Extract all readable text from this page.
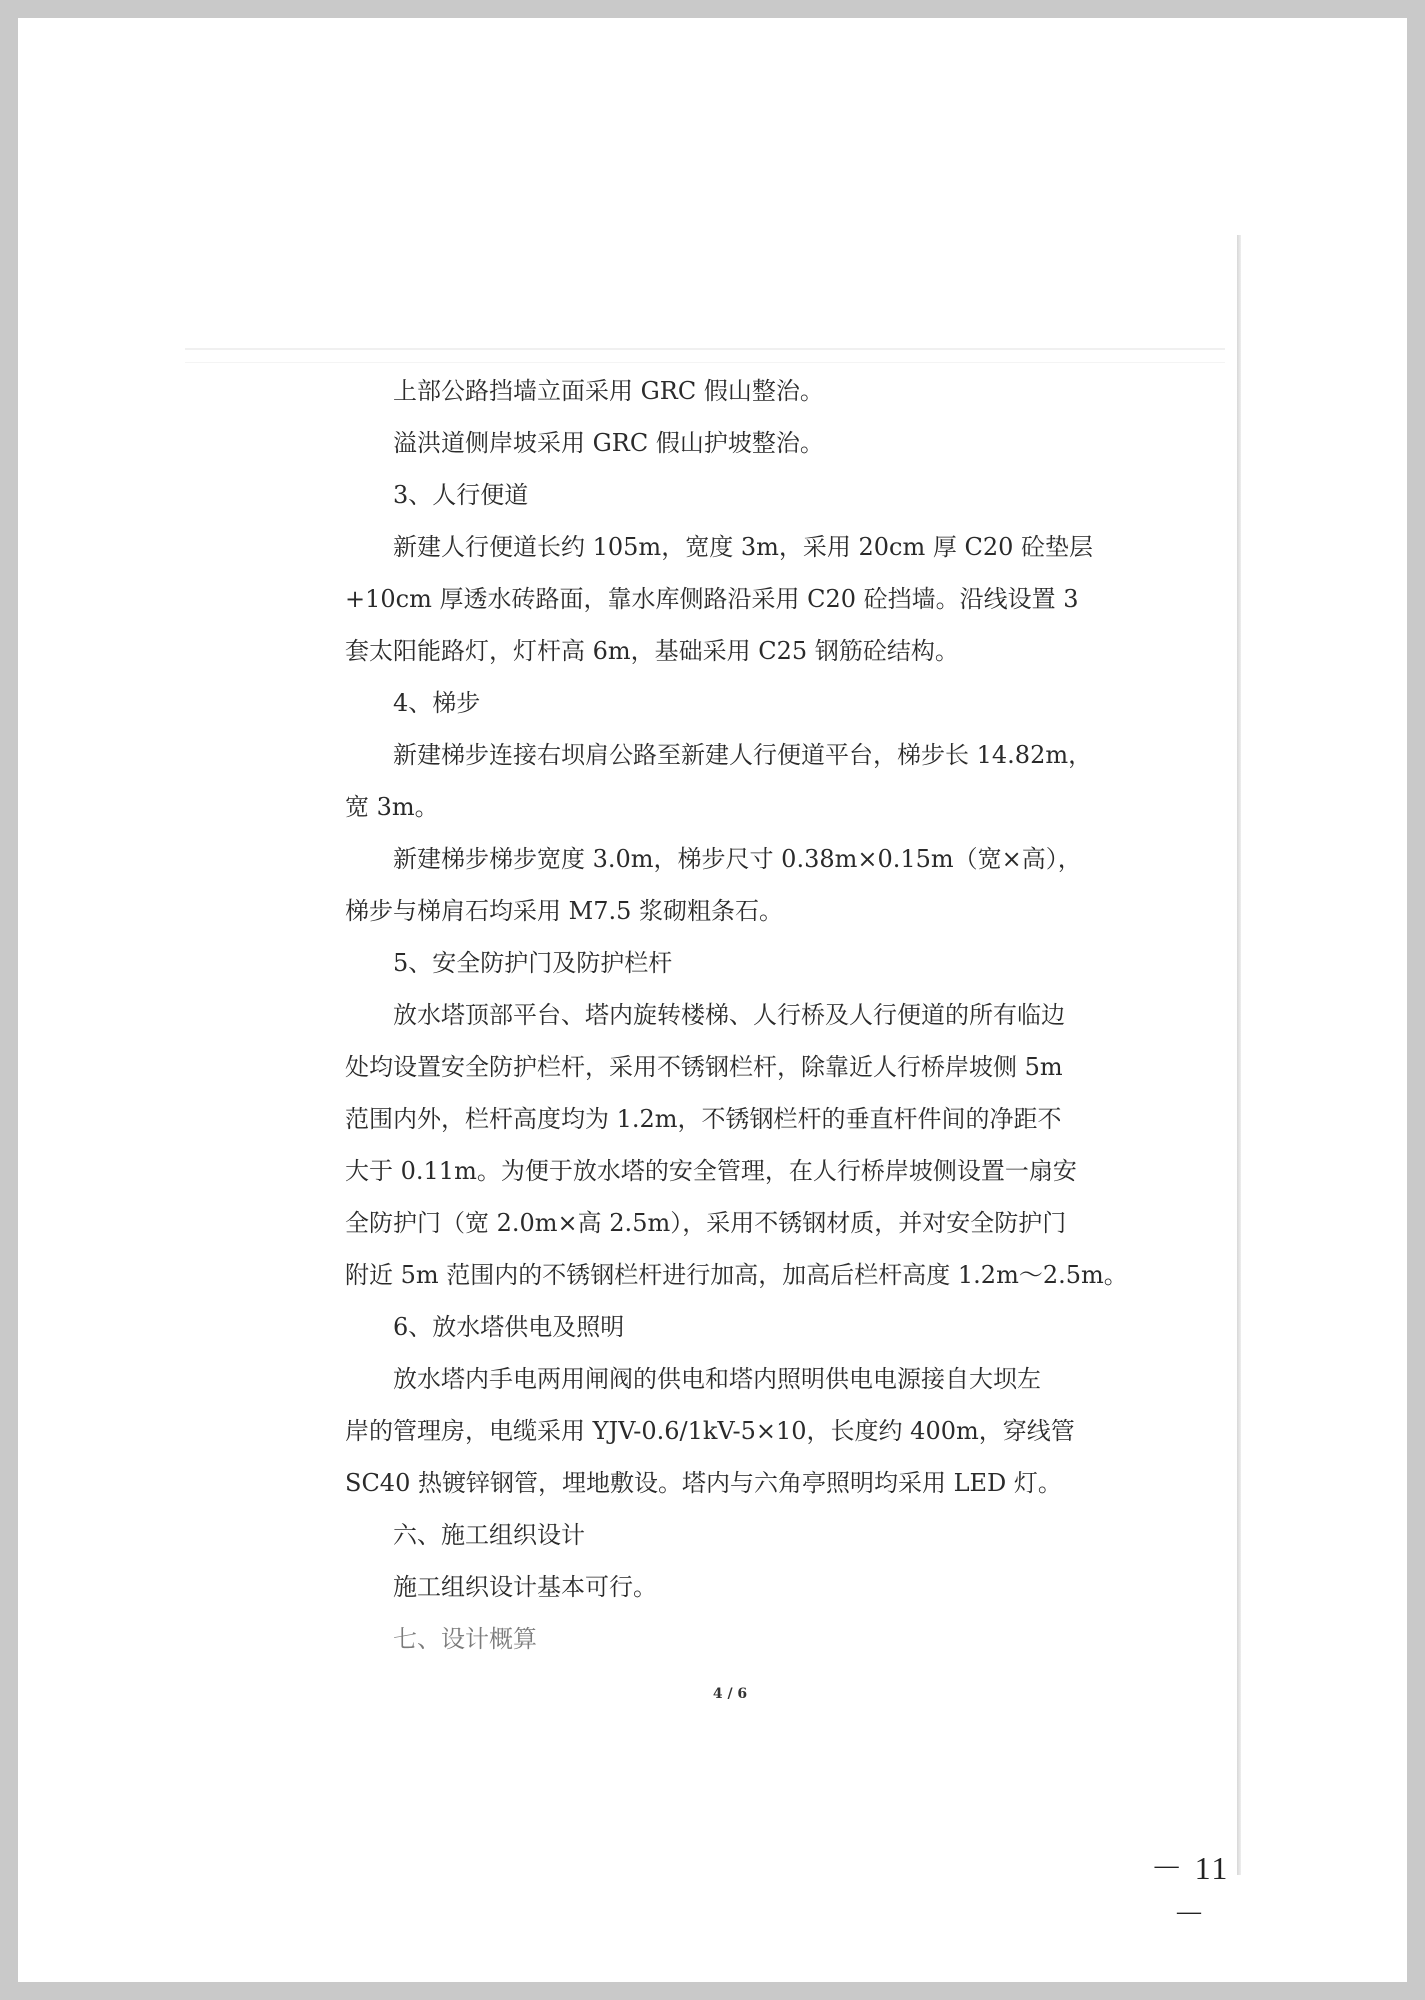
上部公路挡墙立面采用 GRC 假山整治。
溢洪道侧岸坡采用 GRC 假山护坡整治。
3、人行便道
新建人行便道长约 105m，宽度 3m，采用 20cm 厚 C20 砼垫层
+10cm 厚透水砖路面，靠水库侧路沿采用 C20 砼挡墙。沿线设置 3
套太阳能路灯，灯杆高 6m，基础采用 C25 钢筋砼结构。
4、梯步
新建梯步连接右坝肩公路至新建人行便道平台，梯步长 14.82m，
宽 3m。
新建梯步梯步宽度 3.0m，梯步尺寸 0.38m×0.15m（宽×高），
梯步与梯肩石均采用 M7.5 浆砌粗条石。
5、安全防护门及防护栏杆
放水塔顶部平台、塔内旋转楼梯、人行桥及人行便道的所有临边
处均设置安全防护栏杆，采用不锈钢栏杆，除靠近人行桥岸坡侧 5m
范围内外，栏杆高度均为 1.2m，不锈钢栏杆的垂直杆件间的净距不
大于 0.11m。为便于放水塔的安全管理，在人行桥岸坡侧设置一扇安
全防护门（宽 2.0m×高 2.5m），采用不锈钢材质，并对安全防护门
附近 5m 范围内的不锈钢栏杆进行加高，加高后栏杆高度 1.2m～2.5m。
6、放水塔供电及照明
放水塔内手电两用闸阀的供电和塔内照明供电电源接自大坝左
岸的管理房，电缆采用 YJV-0.6/1kV-5×10，长度约 400m，穿线管
SC40 热镀锌钢管，埋地敷设。塔内与六角亭照明均采用 LED 灯。
六、施工组织设计
施工组织设计基本可行。
七、设计概算
4 / 6
－ 11 －
